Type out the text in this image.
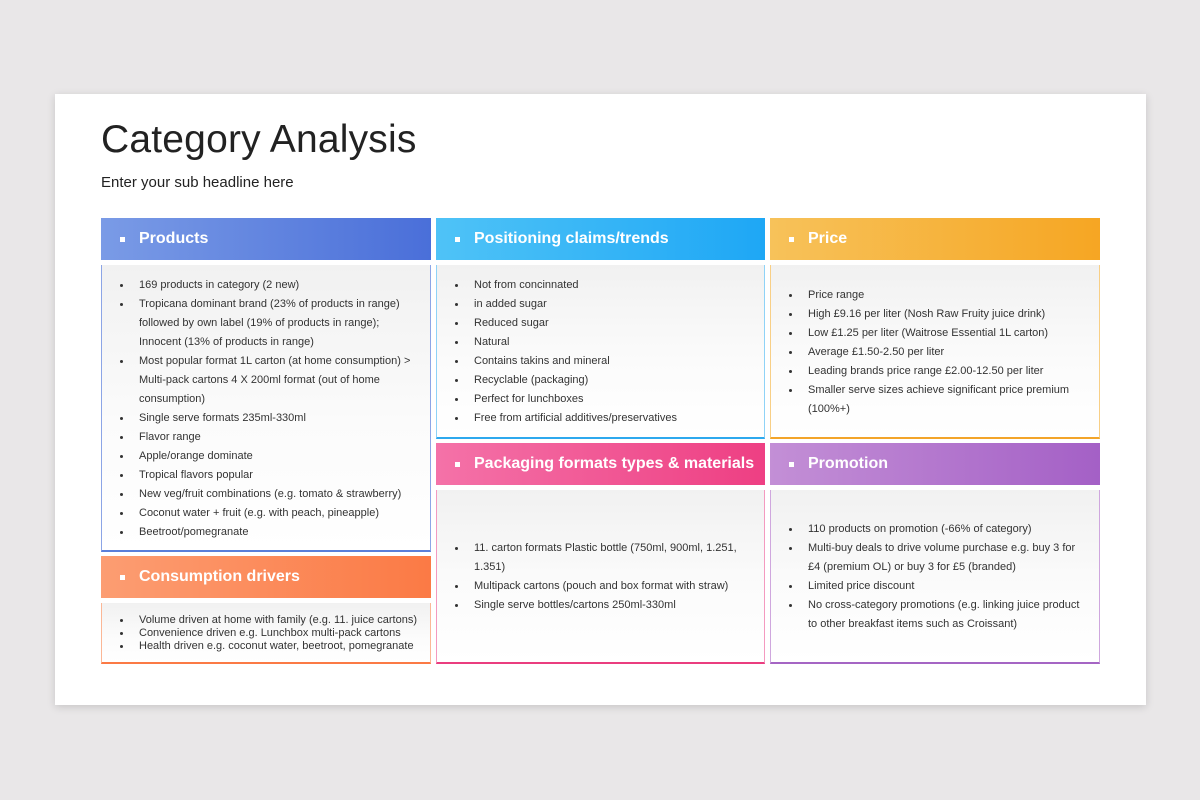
Category Analysis

Enter your sub headline here

Products
169 products in category (2 new)
Tropicana dominant brand (23% of products in range) followed by own label (19% of products in range); Innocent (13% of products in range)
Most popular format 1L carton (at home consumption) > Multi-pack cartons 4 X 200ml format (out of home consumption)
Single serve formats 235ml-330ml
Flavor range
Apple/orange dominate
Tropical flavors popular
New veg/fruit combinations (e.g. tomato & strawberry)
Coconut water + fruit (e.g. with peach, pineapple)
Beetroot/pomegranate
Consumption drivers
Volume driven at home with family (e.g. 11. juice cartons)
Convenience driven e.g. Lunchbox multi-pack cartons
Health driven e.g. coconut water, beetroot, pomegranate
Positioning claims/trends
Not from concinnated
in added sugar
Reduced sugar
Natural
Contains takins and mineral
Recyclable (packaging)
Perfect for lunchboxes
Free from artificial additives/preservatives
Packaging formats types & materials
11. carton formats Plastic bottle (750ml, 900ml, 1.251, 1.351)
Multipack cartons (pouch and box format with straw)
Single serve bottles/cartons 250ml-330ml
Price
Price range
High £9.16 per liter (Nosh Raw Fruity juice drink)
Low £1.25 per liter (Waitrose Essential 1L carton)
Average £1.50-2.50 per liter
Leading brands price range £2.00-12.50 per liter
Smaller serve sizes achieve significant price premium (100%+)
Promotion
110 products on promotion (-66% of category)
Multi-buy deals to drive volume purchase e.g. buy 3 for £4 (premium OL) or buy 3 for £5 (branded)
Limited price discount
No cross-category promotions (e.g. linking juice product to other breakfast items such as Croissant)
